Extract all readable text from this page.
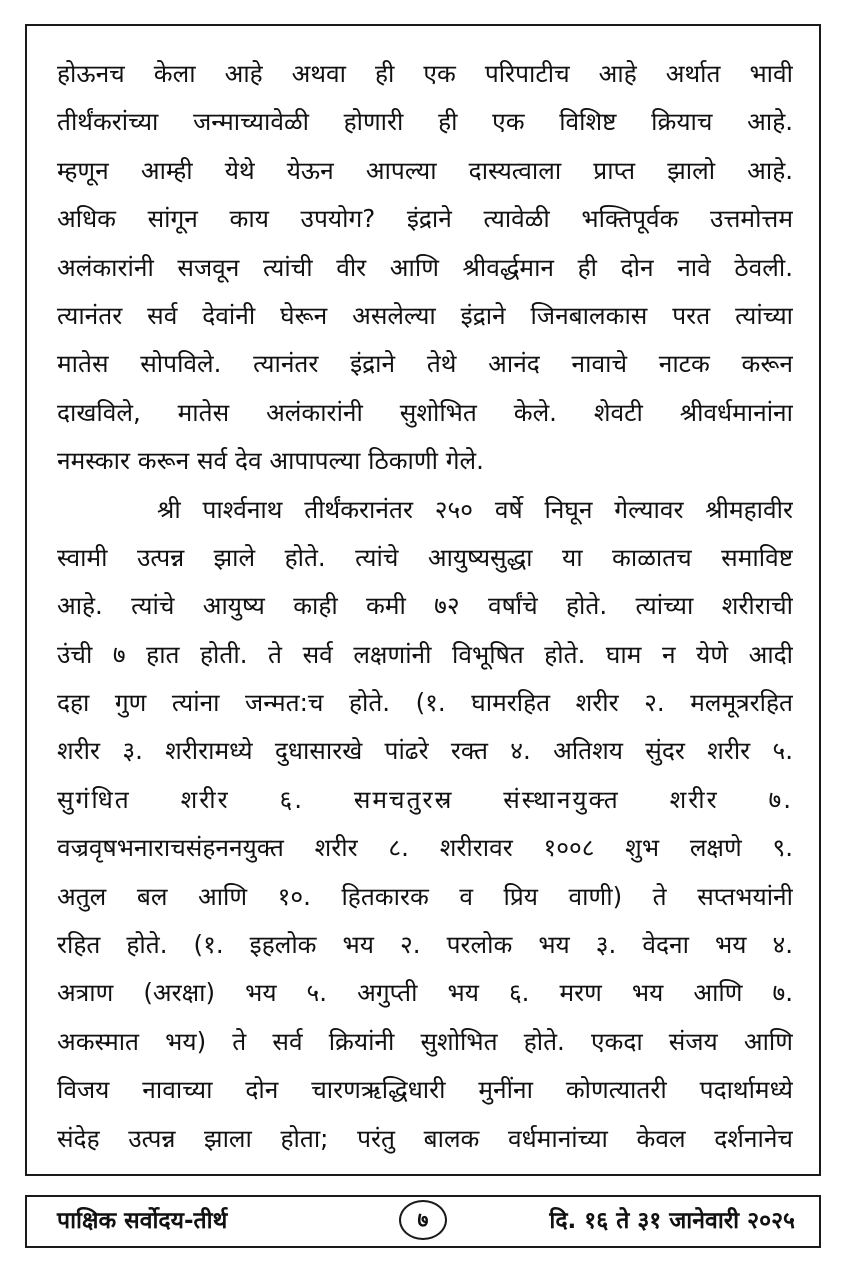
होऊनच केला आहे अथवा ही एक परिपाटीच आहे अर्थात भावी
तीर्थंकरांच्या जन्माच्यावेळी होणारी ही एक विशिष्ट क्रियाच आहे.
म्हणून आम्ही येथे येऊन आपल्या दास्यत्वाला प्राप्त झालो आहे.
अधिक सांगून काय उपयोग? इंद्राने त्यावेळी भक्तिपूर्वक उत्तमोत्तम
अलंकारांनी सजवून त्यांची वीर आणि श्रीवर्द्धमान ही दोन नावे ठेवली.
त्यानंतर सर्व देवांनी घेरून असलेल्या इंद्राने जिनबालकास परत त्यांच्या
मातेस सोपविले. त्यानंतर इंद्राने तेथे आनंद नावाचे नाटक करून
दाखविले, मातेस अलंकारांनी सुशोभित केले. शेवटी श्रीवर्धमानांना
नमस्कार करून सर्व देव आपापल्या ठिकाणी गेले.
श्री पार्श्वनाथ तीर्थंकरानंतर २५० वर्षे निघून गेल्यावर श्रीमहावीर
स्वामी उत्पन्न झाले होते. त्यांचे आयुष्यसुद्धा या काळातच समाविष्ट
आहे. त्यांचे आयुष्य काही कमी ७२ वर्षांचे होते. त्यांच्या शरीराची
उंची ७ हात होती. ते सर्व लक्षणांनी विभूषित होते. घाम न येणे आदी
दहा गुण त्यांना जन्मत:च होते. (१. घामरहित शरीर २. मलमूत्ररहित
शरीर ३. शरीरामध्ये दुधासारखे पांढरे रक्त ४. अतिशय सुंदर शरीर ५.
सुगंधित शरीर ६. समचतुरस्र संस्थानयुक्त शरीर ७.
वज्रवृषभनाराचसंहननयुक्त शरीर ८. शरीरावर १००८ शुभ लक्षणे ९.
अतुल बल आणि १०. हितकारक व प्रिय वाणी) ते सप्तभयांनी
रहित होते. (१. इहलोक भय २. परलोक भय ३. वेदना भय ४.
अत्राण (अरक्षा) भय ५. अगुप्ती भय ६. मरण भय आणि ७.
अकस्मात भय) ते सर्व क्रियांनी सुशोभित होते. एकदा संजय आणि
विजय नावाच्या दोन चारणऋद्धिधारी मुनींना कोणत्यातरी पदार्थामध्ये
संदेह उत्पन्न झाला होता; परंतु बालक वर्धमानांच्या केवल दर्शनानेच
पाक्षिक सर्वोदय-तीर्थ	७	दि. १६ ते ३१ जानेवारी २०२५
